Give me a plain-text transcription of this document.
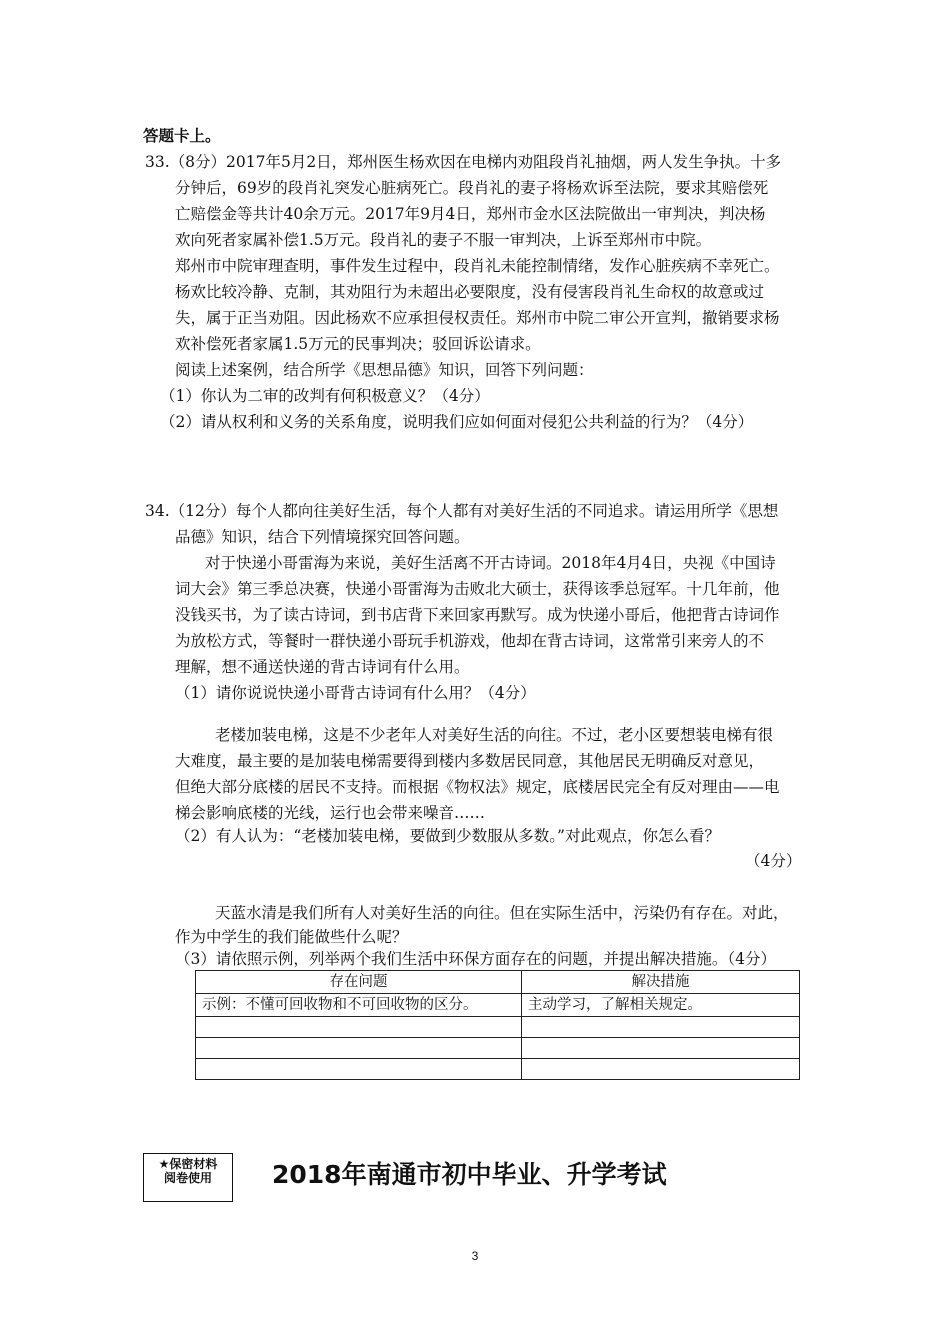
答题卡上。
33.（8分）2017年5月2日，郑州医生杨欢因在电梯内劝阻段肖礼抽烟，两人发生争执。十多
分钟后，69岁的段肖礼突发心脏病死亡。段肖礼的妻子将杨欢诉至法院，要求其赔偿死
亡赔偿金等共计40余万元。2017年9月4日，郑州市金水区法院做出一审判决，判决杨
欢向死者家属补偿1.5万元。段肖礼的妻子不服一审判决，上诉至郑州市中院。
郑州市中院审理查明，事件发生过程中，段肖礼未能控制情绪，发作心脏疾病不幸死亡。
杨欢比较冷静、克制，其劝阻行为未超出必要限度，没有侵害段肖礼生命权的故意或过
失，属于正当劝阻。因此杨欢不应承担侵权责任。郑州市中院二审公开宣判，撤销要求杨
欢补偿死者家属1.5万元的民事判决；驳回诉讼请求。
阅读上述案例，结合所学《思想品德》知识，回答下列问题：
（1）你认为二审的改判有何积极意义？（4分）
（2）请从权利和义务的关系角度，说明我们应如何面对侵犯公共利益的行为？（4分）
34.（12分）每个人都向往美好生活，每个人都有对美好生活的不同追求。请运用所学《思想
品德》知识，结合下列情境探究回答问题。
对于快递小哥雷海为来说，美好生活离不开古诗词。2018年4月4日，央视《中国诗
词大会》第三季总决赛，快递小哥雷海为击败北大硕士，获得该季总冠军。十几年前，他
没钱买书，为了读古诗词，到书店背下来回家再默写。成为快递小哥后，他把背古诗词作
为放松方式，等餐时一群快递小哥玩手机游戏，他却在背古诗词，这常常引来旁人的不
理解，想不通送快递的背古诗词有什么用。
（1）请你说说快递小哥背古诗词有什么用？（4分）
老楼加装电梯，这是不少老年人对美好生活的向往。不过，老小区要想装电梯有很
大难度，最主要的是加装电梯需要得到楼内多数居民同意，其他居民无明确反对意见，
但绝大部分底楼的居民不支持。而根据《物权法》规定，底楼居民完全有反对理由——电
梯会影响底楼的光线，运行也会带来噪音……
（2）有人认为：“老楼加装电梯，要做到少数服从多数。”对此观点，你怎么看？
（4分）
天蓝水清是我们所有人对美好生活的向往。但在实际生活中，污染仍有存在。对此，
作为中学生的我们能做些什么呢？
（3）请依照示例，列举两个我们生活中环保方面存在的问题，并提出解决措施。（4分）
存在问题	解决措施
示例：不懂可回收物和不可回收物的区分。	主动学习，了解相关规定。

★保密材料
阅卷使用	2018年南通市初中毕业、升学考试
3
